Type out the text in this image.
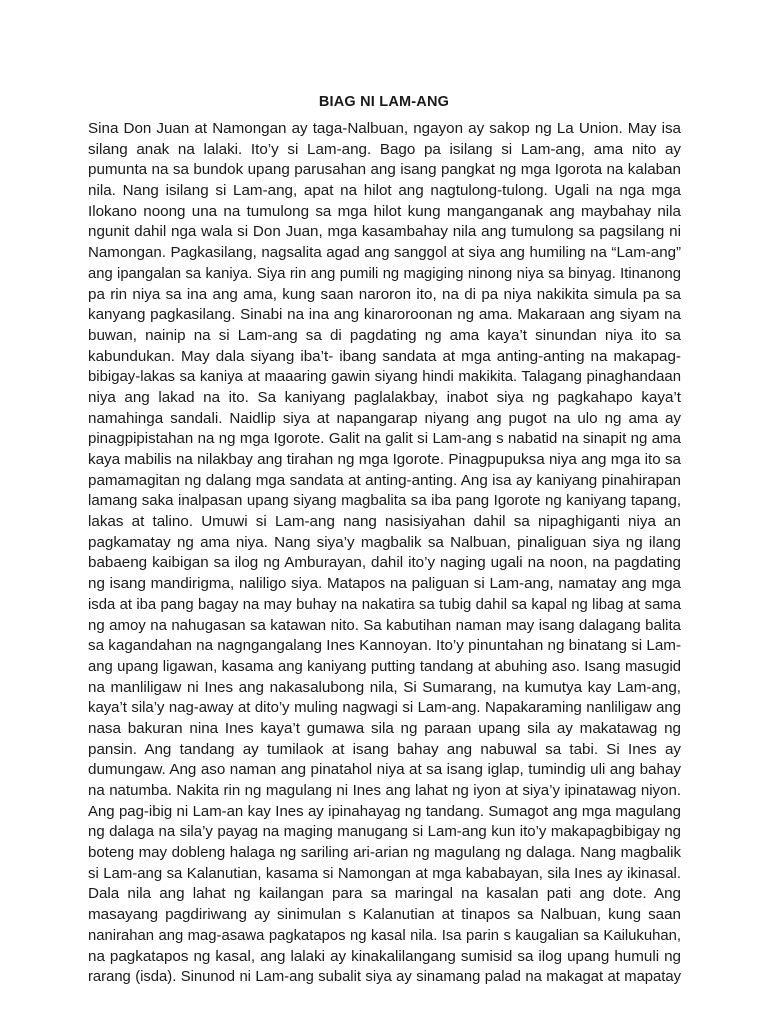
BIAG NI LAM-ANG
Sina Don Juan at Namongan ay taga-Nalbuan, ngayon ay sakop ng La Union. May isa
silang anak na lalaki. Ito’y si Lam-ang. Bago pa isilang si Lam-ang, ama nito ay
pumunta na sa bundok upang parusahan ang isang pangkat ng mga Igorota na kalaban
nila. Nang isilang si Lam-ang, apat na hilot ang nagtulong-tulong. Ugali na nga mga
Ilokano noong una na tumulong sa mga hilot kung manganganak ang maybahay nila
ngunit dahil nga wala si Don Juan, mga kasambahay nila ang tumulong sa pagsilang ni
Namongan. Pagkasilang, nagsalita agad ang sanggol at siya ang humiling na “Lam-ang”
ang ipangalan sa kaniya. Siya rin ang pumili ng magiging ninong niya sa binyag. Itinanong
pa rin niya sa ina ang ama, kung saan naroron ito, na di pa niya nakikita simula pa sa
kanyang pagkasilang. Sinabi na ina ang kinaroroonan ng ama. Makaraan ang siyam na
buwan, nainip na si Lam-ang sa di pagdating ng ama kaya’t sinundan niya ito sa
kabundukan. May dala siyang iba’t- ibang sandata at mga anting-anting na makapag-
bibigay-lakas sa kaniya at maaaring gawin siyang hindi makikita. Talagang pinaghandaan
niya ang lakad na ito. Sa kaniyang paglalakbay, inabot siya ng pagkahapo kaya’t
namahinga sandali. Naidlip siya at napangarap niyang ang pugot na ulo ng ama ay
pinagpipistahan na ng mga Igorote. Galit na galit si Lam-ang s nabatid na sinapit ng ama
kaya mabilis na nilakbay ang tirahan ng mga Igorote. Pinagpupuksa niya ang mga ito sa
pamamagitan ng dalang mga sandata at anting-anting. Ang isa ay kaniyang pinahirapan
lamang saka inalpasan upang siyang magbalita sa iba pang Igorote ng kaniyang tapang,
lakas at talino. Umuwi si Lam-ang nang nasisiyahan dahil sa nipaghiganti niya an
pagkamatay ng ama niya. Nang siya’y magbalik sa Nalbuan, pinaliguan siya ng ilang
babaeng kaibigan sa ilog ng Amburayan, dahil ito’y naging ugali na noon, na pagdating
ng isang mandirigma, naliligo siya. Matapos na paliguan si Lam-ang, namatay ang mga
isda at iba pang bagay na may buhay na nakatira sa tubig dahil sa kapal ng libag at sama
ng amoy na nahugasan sa katawan nito. Sa kabutihan naman may isang dalagang balita
sa kagandahan na nagngangalang Ines Kannoyan. Ito’y pinuntahan ng binatang si Lam-
ang upang ligawan, kasama ang kaniyang putting tandang at abuhing aso. Isang masugid
na manliligaw ni Ines ang nakasalubong nila, Si Sumarang, na kumutya kay Lam-ang,
kaya’t sila’y nag-away at dito’y muling nagwagi si Lam-ang. Napakaraming nanliligaw ang
nasa bakuran nina Ines kaya’t gumawa sila ng paraan upang sila ay makatawag ng
pansin. Ang tandang ay tumilaok at isang bahay ang nabuwal sa tabi. Si Ines ay
dumungaw. Ang aso naman ang pinatahol niya at sa isang iglap, tumindig uli ang bahay
na natumba. Nakita rin ng magulang ni Ines ang lahat ng iyon at siya’y ipinatawag niyon.
Ang pag-ibig ni Lam-an kay Ines ay ipinahayag ng tandang. Sumagot ang mga magulang
ng dalaga na sila’y payag na maging manugang si Lam-ang kun ito’y makapagbibigay ng
boteng may dobleng halaga ng sariling ari-arian ng magulang ng dalaga. Nang magbalik
si Lam-ang sa Kalanutian, kasama si Namongan at mga kababayan, sila Ines ay ikinasal.
Dala nila ang lahat ng kailangan para sa maringal na kasalan pati ang dote. Ang
masayang pagdiriwang ay sinimulan s Kalanutian at tinapos sa Nalbuan, kung saan
nanirahan ang mag-asawa pagkatapos ng kasal nila. Isa parin s kaugalian sa Kailukuhan,
na pagkatapos ng kasal, ang lalaki ay kinakalilangang sumisid sa ilog upang humuli ng
rarang (isda). Sinunod ni Lam-ang subalit siya ay sinamang palad na makagat at mapatay
